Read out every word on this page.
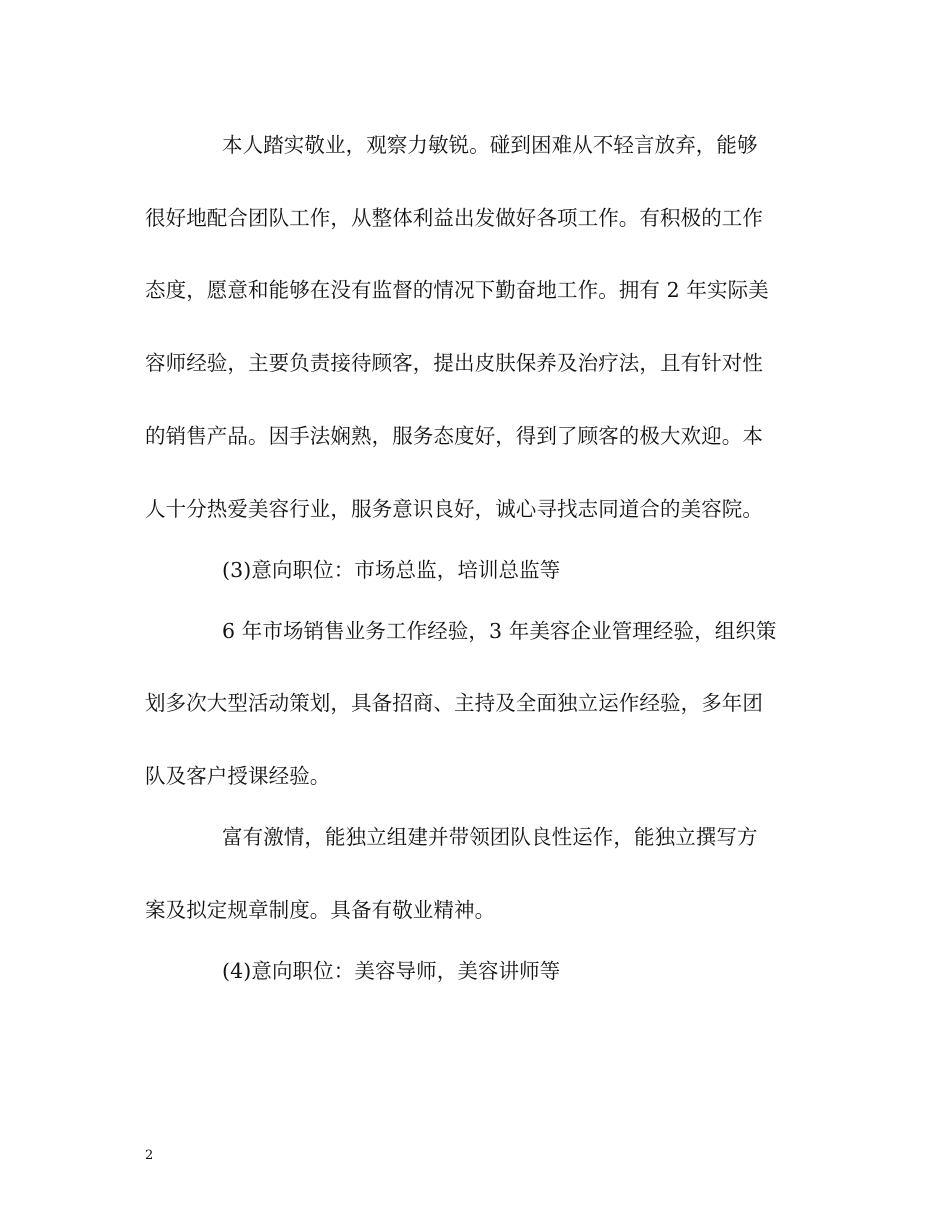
本人踏实敬业，观察力敏锐。碰到困难从不轻言放弃，能够
很好地配合团队工作，从整体利益出发做好各项工作。有积极的工作
态度，愿意和能够在没有监督的情况下勤奋地工作。拥有 2 年实际美
容师经验，主要负责接待顾客，提出皮肤保养及治疗法，且有针对性
的销售产品。因手法娴熟，服务态度好，得到了顾客的极大欢迎。本
人十分热爱美容行业，服务意识良好，诚心寻找志同道合的美容院。
(3)意向职位：市场总监，培训总监等
6 年市场销售业务工作经验，3 年美容企业管理经验，组织策
划多次大型活动策划，具备招商、主持及全面独立运作经验，多年团
队及客户授课经验。
富有激情，能独立组建并带领团队良性运作，能独立撰写方
案及拟定规章制度。具备有敬业精神。
(4)意向职位：美容导师，美容讲师等
2
